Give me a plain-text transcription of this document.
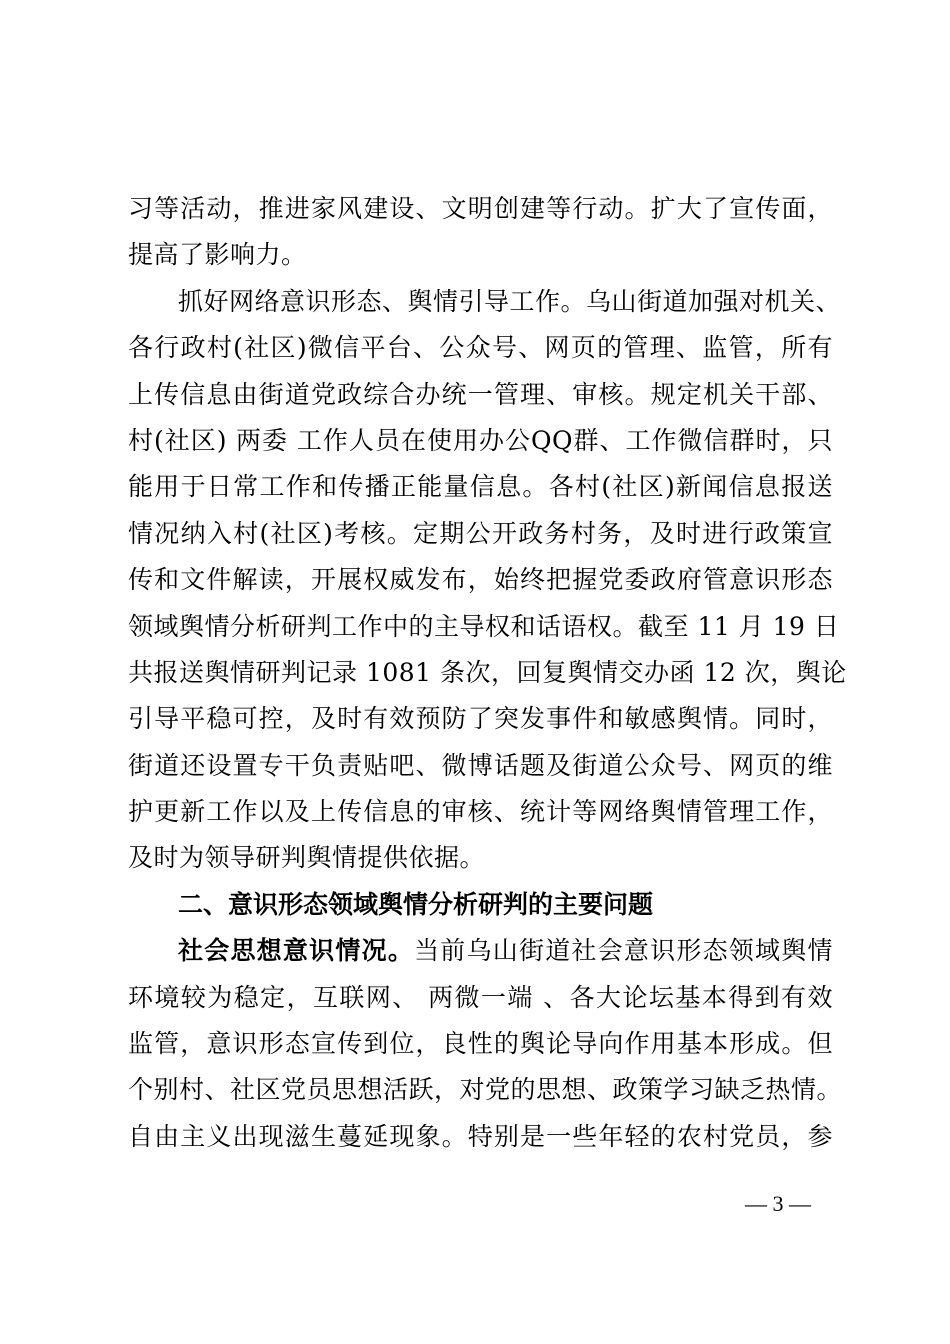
习等活动，推进家风建设、文明创建等行动。扩大了宣传面，
提高了影响力。
抓好网络意识形态、舆情引导工作。乌山街道加强对机关、
各行政村(社区)微信平台、公众号、网页的管理、监管，所有
上传信息由街道党政综合办统一管理、审核。规定机关干部、
村(社区) 两委 工作人员在使用办公QQ群、工作微信群时，只
能用于日常工作和传播正能量信息。各村(社区)新闻信息报送
情况纳入村(社区)考核。定期公开政务村务，及时进行政策宣
传和文件解读，开展权威发布，始终把握党委政府管意识形态
领域舆情分析研判工作中的主导权和话语权。截至 11 月 19 日
共报送舆情研判记录 1081 条次，回复舆情交办函 12 次，舆论
引导平稳可控，及时有效预防了突发事件和敏感舆情。同时，
街道还设置专干负责贴吧、微博话题及街道公众号、网页的维
护更新工作以及上传信息的审核、统计等网络舆情管理工作，
及时为领导研判舆情提供依据。
二、意识形态领域舆情分析研判的主要问题
社会思想意识情况。当前乌山街道社会意识形态领域舆情
环境较为稳定，互联网、 两微一端 、各大论坛基本得到有效
监管，意识形态宣传到位，良性的舆论导向作用基本形成。但
个别村、社区党员思想活跃，对党的思想、政策学习缺乏热情。
自由主义出现滋生蔓延现象。特别是一些年轻的农村党员，参
— 3 —
